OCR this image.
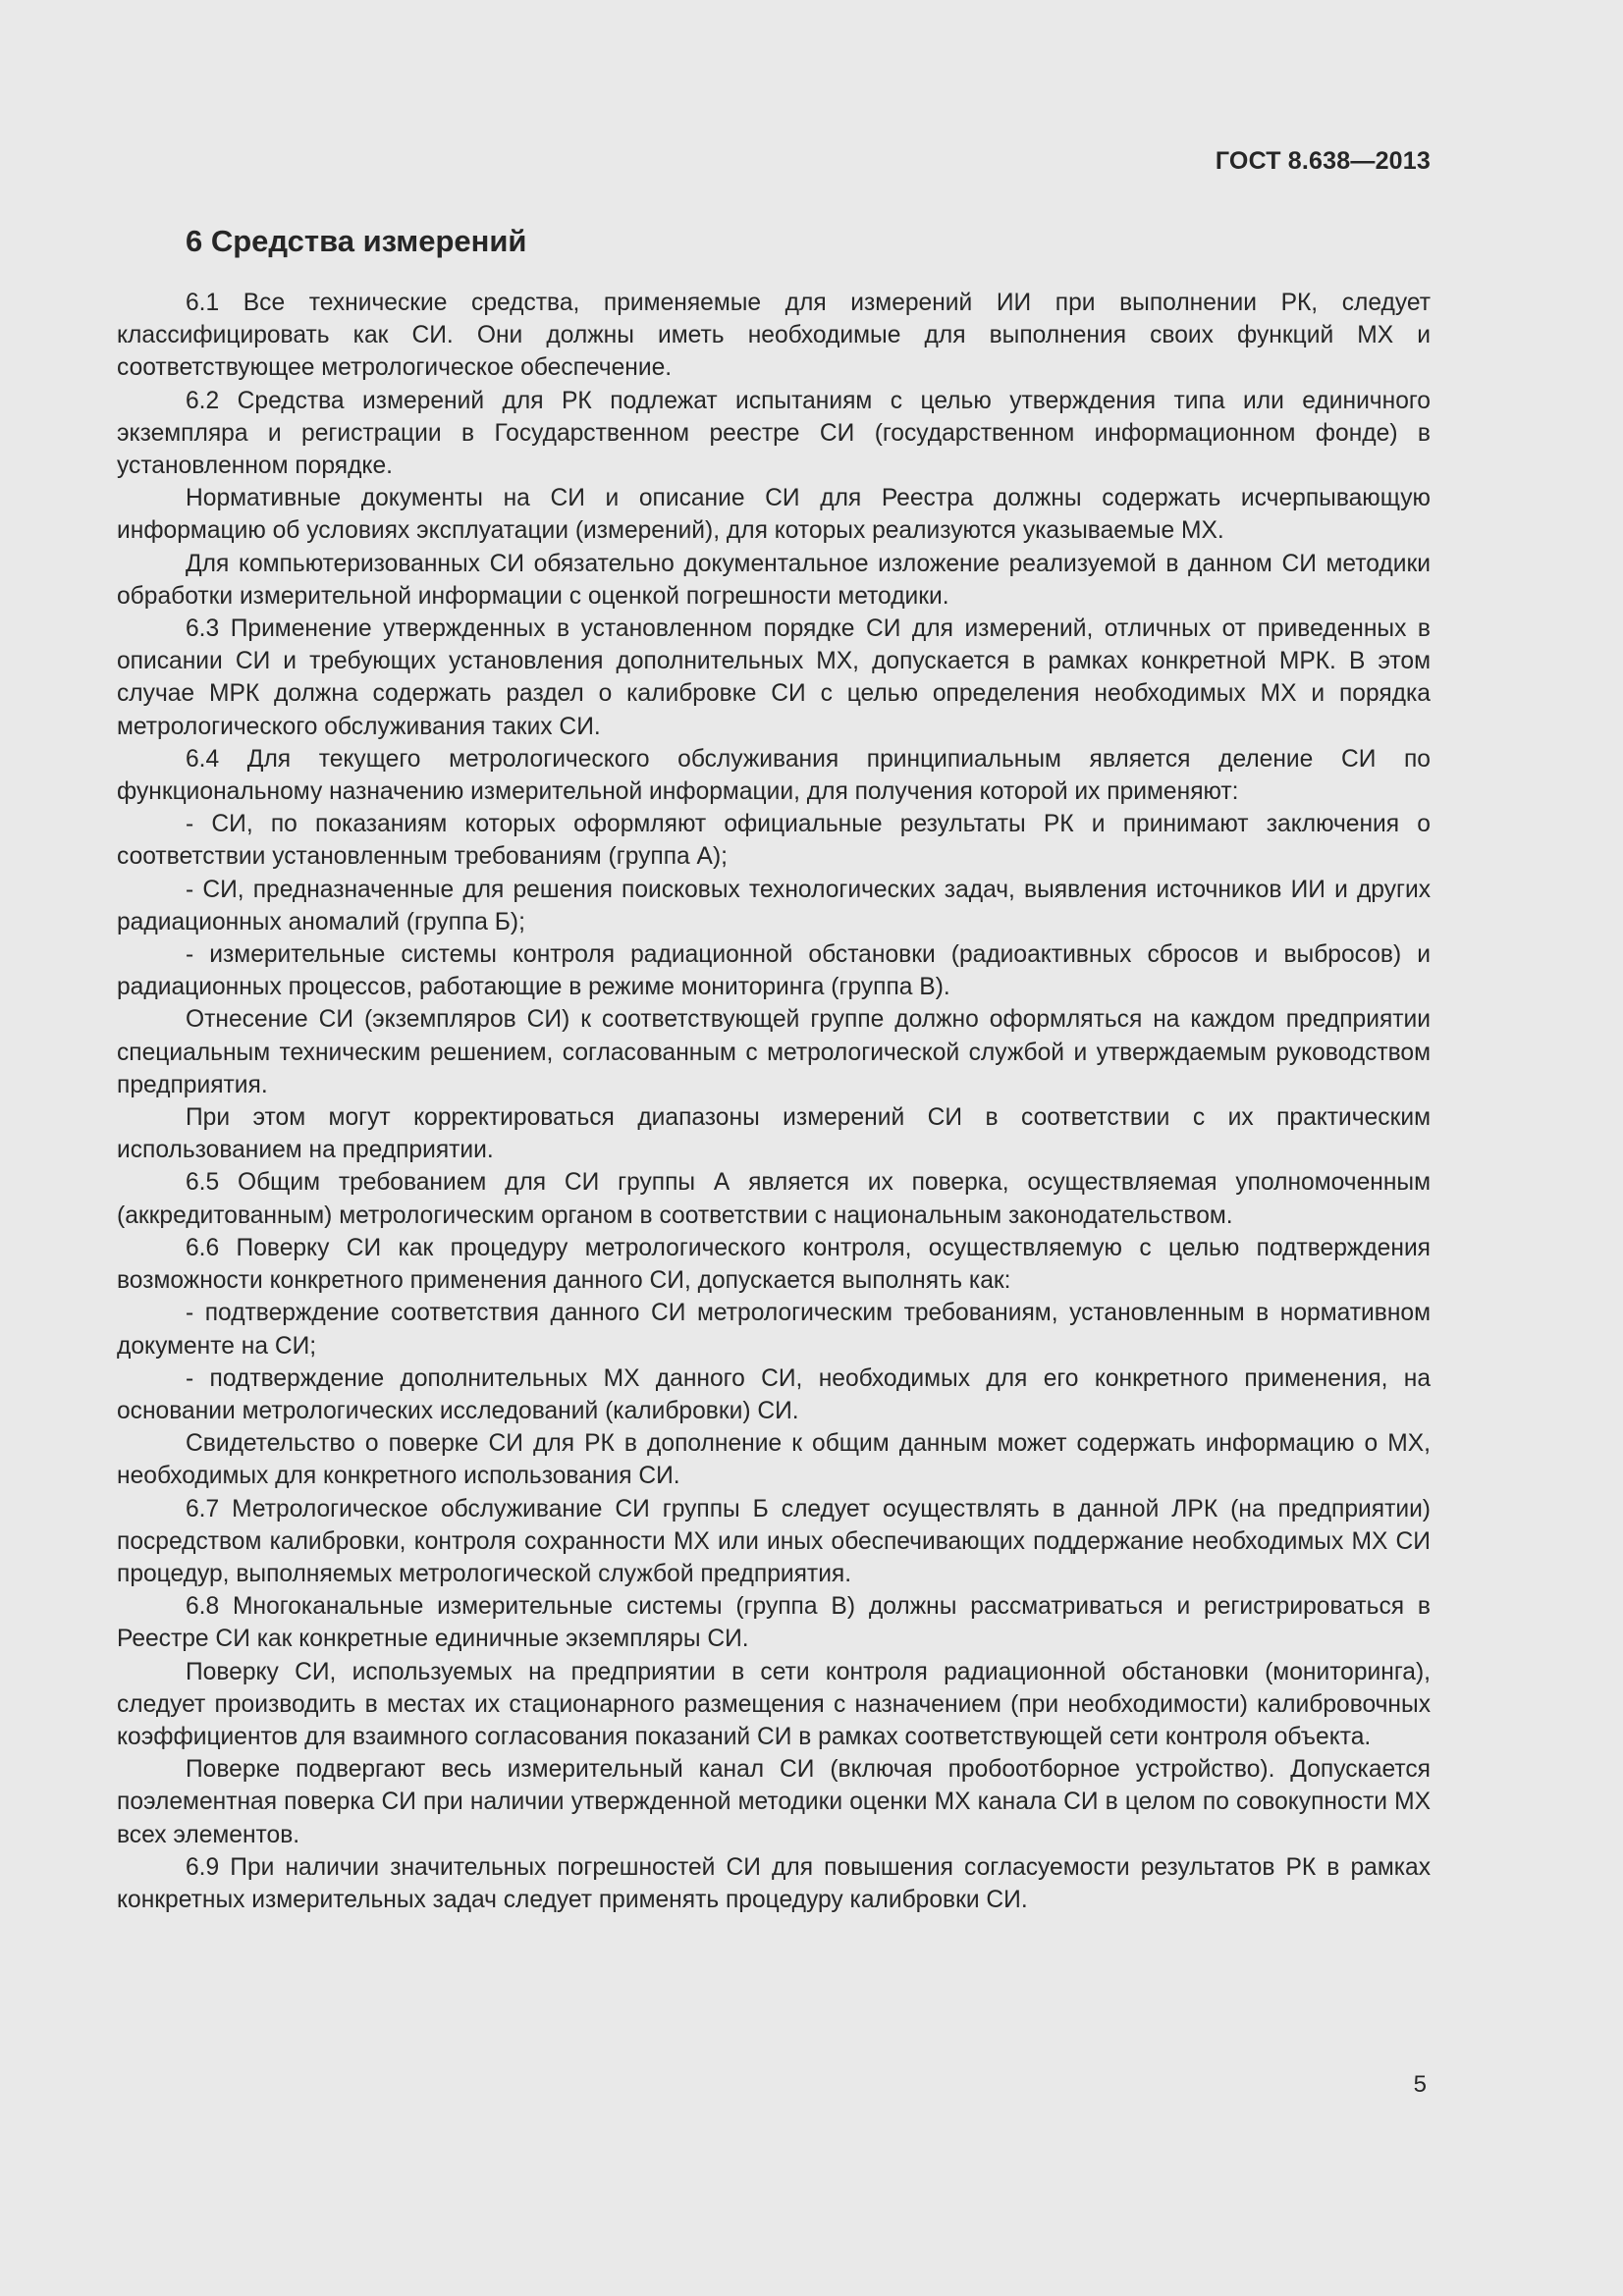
ГОСТ 8.638—2013
6 Средства измерений

6.1 Все технические средства, применяемые для измерений ИИ при выполнении РК, следует классифицировать как СИ. Они должны иметь необходимые для выполнения своих функций МХ и соответствующее метрологическое обеспечение.

6.2 Средства измерений для РК подлежат испытаниям с целью утверждения типа или единичного экземпляра и регистрации в Государственном реестре СИ (государственном информационном фонде) в установленном порядке.

Нормативные документы на СИ и описание СИ для Реестра должны содержать исчерпывающую информацию об условиях эксплуатации (измерений), для которых реализуются указываемые МХ.

Для компьютеризованных СИ обязательно документальное изложение реализуемой в данном СИ методики обработки измерительной информации с оценкой погрешности методики.

6.3 Применение утвержденных в установленном порядке СИ для измерений, отличных от приведенных в описании СИ и требующих установления дополнительных МХ, допускается в рамках конкретной МРК. В этом случае МРК должна содержать раздел о калибровке СИ с целью определения необходимых МХ и порядка метрологического обслуживания таких СИ.

6.4 Для текущего метрологического обслуживания принципиальным является деление СИ по функциональному назначению измерительной информации, для получения которой их применяют:

- СИ, по показаниям которых оформляют официальные результаты РК и принимают заключения о соответствии установленным требованиям (группа А);

- СИ, предназначенные для решения поисковых технологических задач, выявления источников ИИ и других радиационных аномалий (группа Б);

- измерительные системы контроля радиационной обстановки (радиоактивных сбросов и выбросов) и радиационных процессов, работающие в режиме мониторинга (группа В).

Отнесение СИ (экземпляров СИ) к соответствующей группе должно оформляться на каждом предприятии специальным техническим решением, согласованным с метрологической службой и утверждаемым руководством предприятия.

При этом могут корректироваться диапазоны измерений СИ в соответствии с их практическим использованием на предприятии.

6.5 Общим требованием для СИ группы А является их поверка, осуществляемая уполномоченным (аккредитованным) метрологическим органом в соответствии с национальным законодательством.

6.6 Поверку СИ как процедуру метрологического контроля, осуществляемую с целью подтверждения возможности конкретного применения данного СИ, допускается выполнять как:

- подтверждение соответствия данного СИ метрологическим требованиям, установленным в нормативном документе на СИ;

- подтверждение дополнительных МХ данного СИ, необходимых для его конкретного применения, на основании метрологических исследований (калибровки) СИ.

Свидетельство о поверке СИ для РК в дополнение к общим данным может содержать информацию о МХ, необходимых для конкретного использования СИ.

6.7 Метрологическое обслуживание СИ группы Б следует осуществлять в данной ЛРК (на предприятии) посредством калибровки, контроля сохранности МХ или иных обеспечивающих поддержание необходимых МХ СИ процедур, выполняемых метрологической службой предприятия.

6.8 Многоканальные измерительные системы (группа В) должны рассматриваться и регистрироваться в Реестре СИ как конкретные единичные экземпляры СИ.

Поверку СИ, используемых на предприятии в сети контроля радиационной обстановки (мониторинга), следует производить в местах их стационарного размещения с назначением (при необходимости) калибровочных коэффициентов для взаимного согласования показаний СИ в рамках соответствующей сети контроля объекта.

Поверке подвергают весь измерительный канал СИ (включая пробоотборное устройство). Допускается поэлементная поверка СИ при наличии утвержденной методики оценки МХ канала СИ в целом по совокупности МХ всех элементов.

6.9 При наличии значительных погрешностей СИ для повышения согласуемости результатов РК в рамках конкретных измерительных задач следует применять процедуру калибровки СИ.

5
